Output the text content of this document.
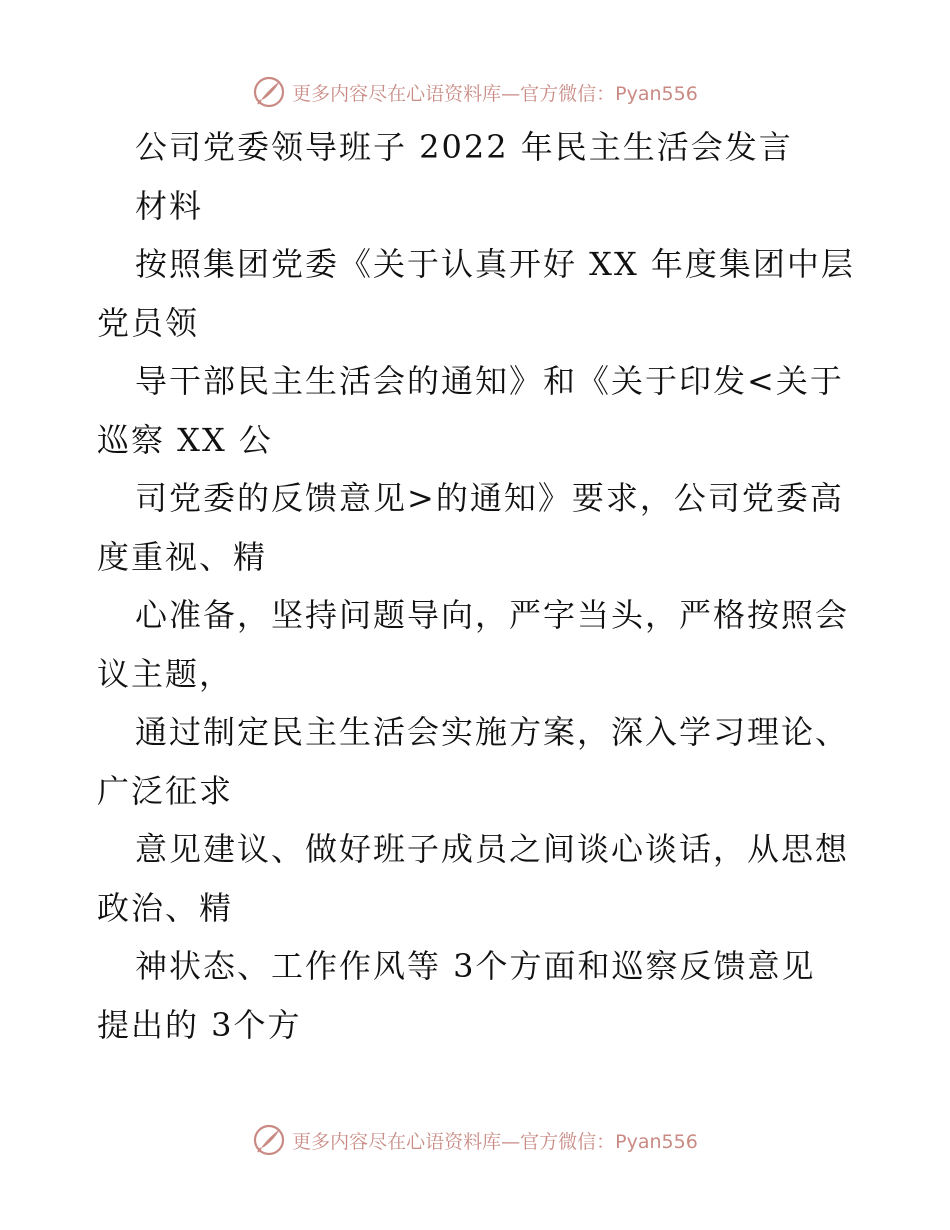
更多内容尽在心语资料库—官方微信：Pyan556
公司党委领导班子 2022 年民主生活会发言
材料
按照集团党委《关于认真开好 XX 年度集团中层
党员领
导干部民主生活会的通知》和《关于印发<关于
巡察 XX 公
司党委的反馈意见>的通知》要求，公司党委高
度重视、精
心准备，坚持问题导向，严字当头，严格按照会
议主题，
通过制定民主生活会实施方案，深入学习理论、
广泛征求
意见建议、做好班子成员之间谈心谈话，从思想
政治、精
神状态、工作作风等 3个方面和巡察反馈意见
提出的 3个方
更多内容尽在心语资料库—官方微信：Pyan556
